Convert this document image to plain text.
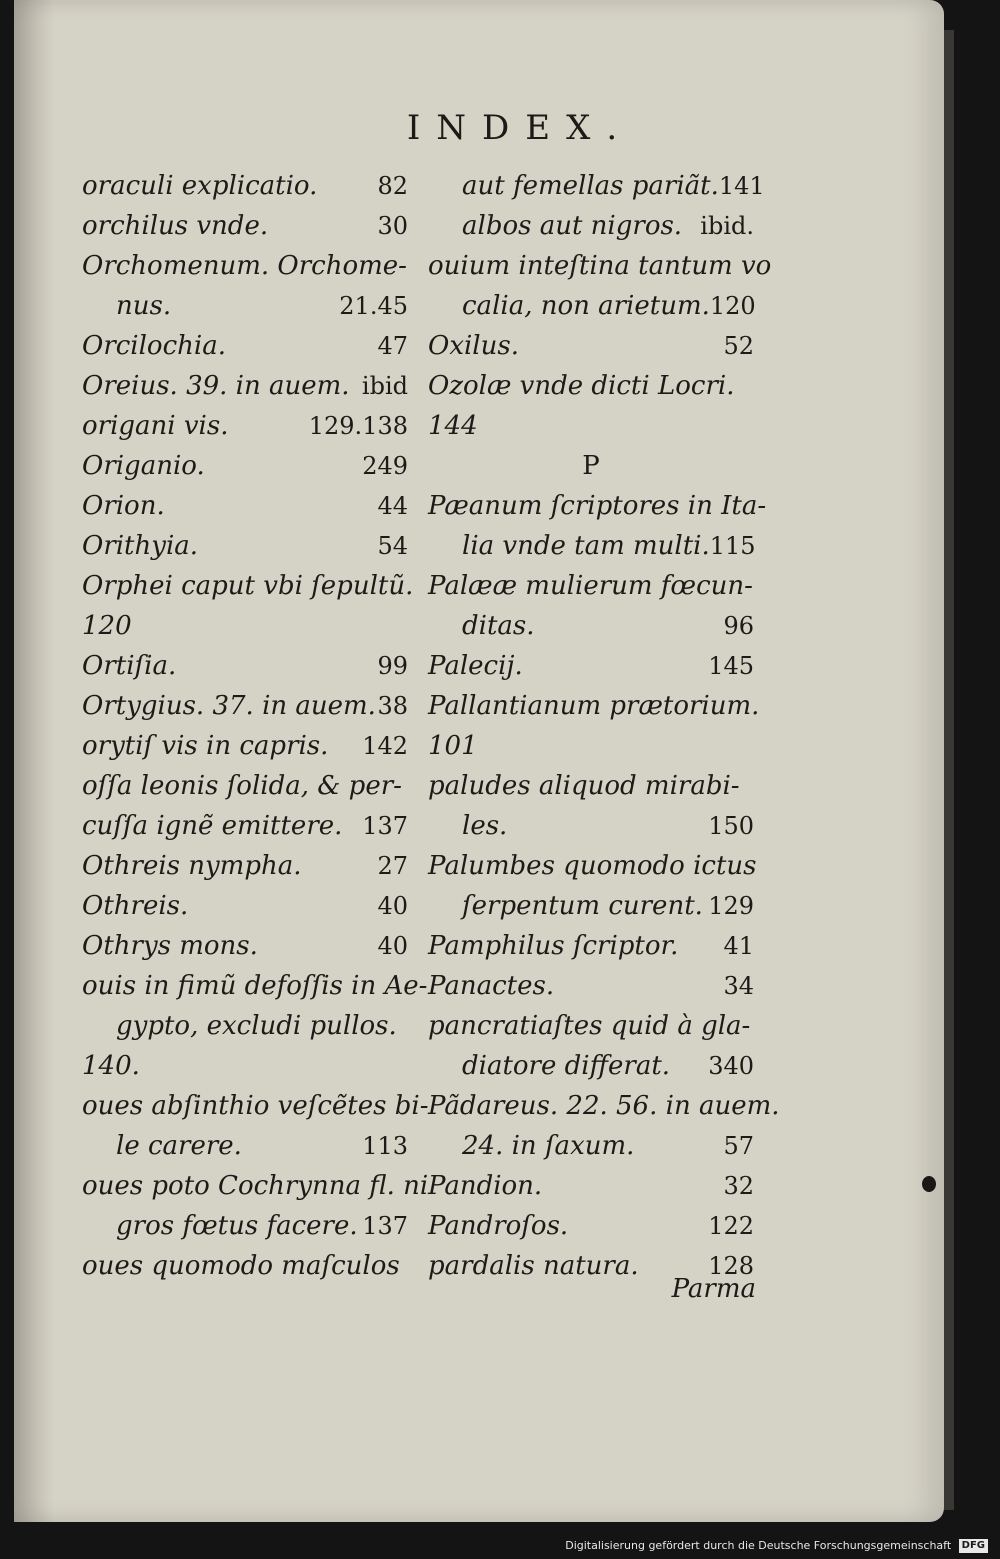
INDEX.
oraculi explicatio.	82
orchilus vnde.	30
Orchomenum. Orchome-
nus.	21.45
Orcilochia.	47
Oreius. 39. in auem. ibid
origani vis.	129.138
Origanio.	249
Orion.	44
Orithyia.	54
Orphei caput vbi ſepultũ.
120
Ortiſia.	99
Ortygius. 37. in auem. 38
orytiſ vis in capris. 142
oſſa leonis ſolida, & per-
cuſſa ignẽ emittere. 137
Othreis nympha.	27
Othreis.	40
Othrys mons.	40
ouis in fimũ defoſſis in Ae-
gypto, excludi pullos.
140.
oues abſinthio veſcẽtes bi-
le carere.	113
oues poto Cochrynna fl. ni
gros fœtus facere. 137
oues quomodo maſculos
aut femellas pariãt. 141
albos aut nigros. ibid.
ouium inteſtina tantum vo
calia, non arietum. 120
Oxilus.	52
Ozolæ vnde dicti Locri.
144
P
Pæanum ſcriptores in Ita-
lia vnde tam multi. 115
Palææ mulierum fœcun-
ditas.	96
Palecij.	145
Pallantianum prætorium.
101
paludes aliquod mirabi-
les.	150
Palumbes quomodo ictus
ſerpentum curent. 129
Pamphilus ſcriptor. 41
Panactes.	34
pancratiaſtes quid à gla-
diatore differat. 340
Pãdareus. 22. 56. in auem.
24. in ſaxum.	57
Pandion.	32
Pandroſos.	122
pardalis natura.	128
Parma
Digitalisierung gefördert durch die Deutsche Forschungsgemeinschaft DFG
